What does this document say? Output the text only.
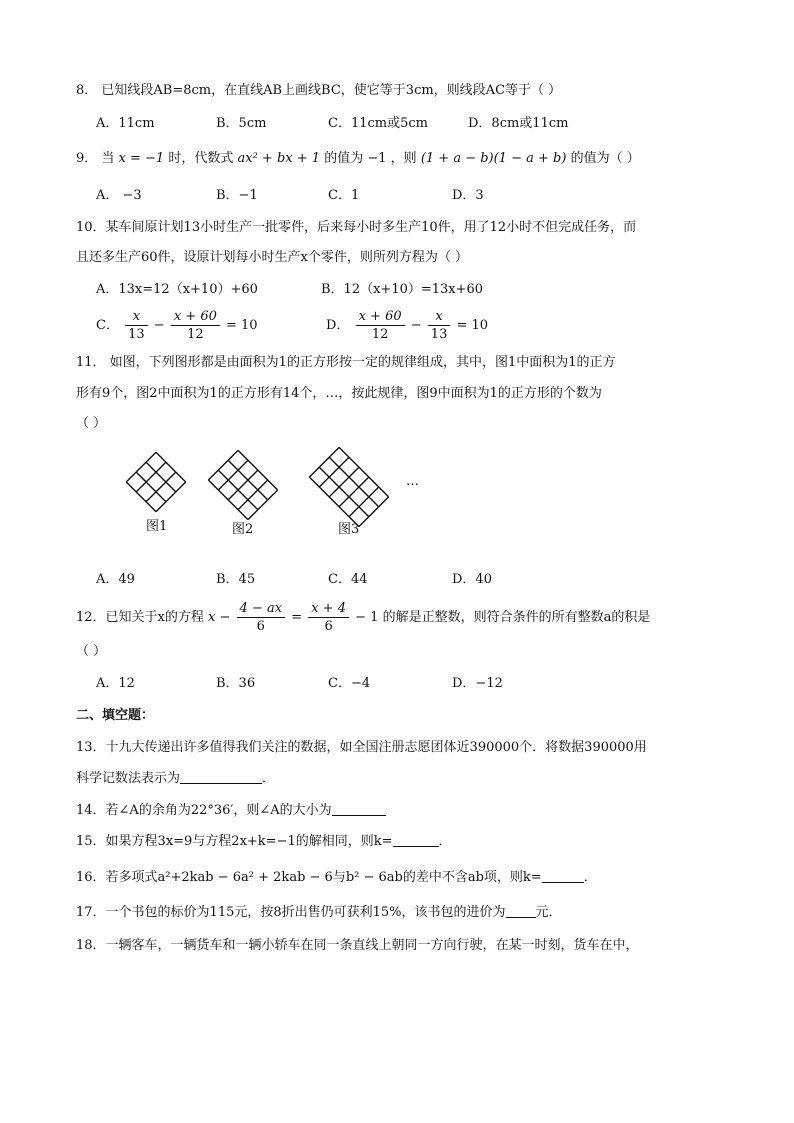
8． 已知线段AB=8cm，在直线AB上画线BC，使它等于3cm，则线段AC等于（ ）
A．11cm	B．5cm	C．11cm或5cm	D．8cm或11cm
9． 当 x = −1 时，代数式 ax² + bx + 1 的值为 −1 ，则 (1 + a − b)(1 − a + b) 的值为（ ）
A． −3	B．−1	C．1	D．3
10．某车间原计划13小时生产一批零件，后来每小时多生产10件，用了12小时不但完成任务，而
且还多生产60件，设原计划每小时生产x个零件，则所列方程为（ ）
A．13x=12（x+10）+60	B．12（x+10）=13x+60
C． $\frac{x}{13} - \frac{x + 60}{12} = 10$	D． $\frac{x + 60}{12} - \frac{x}{13} = 10$
11． 如图，下列图形都是由面积为1的正方形按一定的规律组成，其中，图1中面积为1的正方
形有9个，图2中面积为1的正方形有14个，…，按此规律，图9中面积为1的正方形的个数为
（ ）
图1	图2	图3
…
A．49	B．45	C．44	D．40
12．已知关于x的方程 $x - \frac{4 - ax}{6} = \frac{x + 4}{6} - 1$ 的解是正整数，则符合条件的所有整数a的积是
（ ）
A．12	B．36	C．−4	D．−12
二、填空题：
13．十九大传递出许多值得我们关注的数据，如全国注册志愿团体近390000个．将数据390000用
科学记数法表示为	．
14．若∠A的余角为22°36′，则∠A的大小为
15．如果方程3x=9与方程2x+k=−1的解相同，则k=	．
16．若多项式a²+2kab − 6a² + 2kab − 6与b² − 6ab的差中不含ab项，则k=	．
17．一个书包的标价为115元，按8折出售仍可获利15%，该书包的进价为 元．
18．一辆客车，一辆货车和一辆小轿车在同一条直线上朝同一方向行驶，在某一时刻，货车在中，
